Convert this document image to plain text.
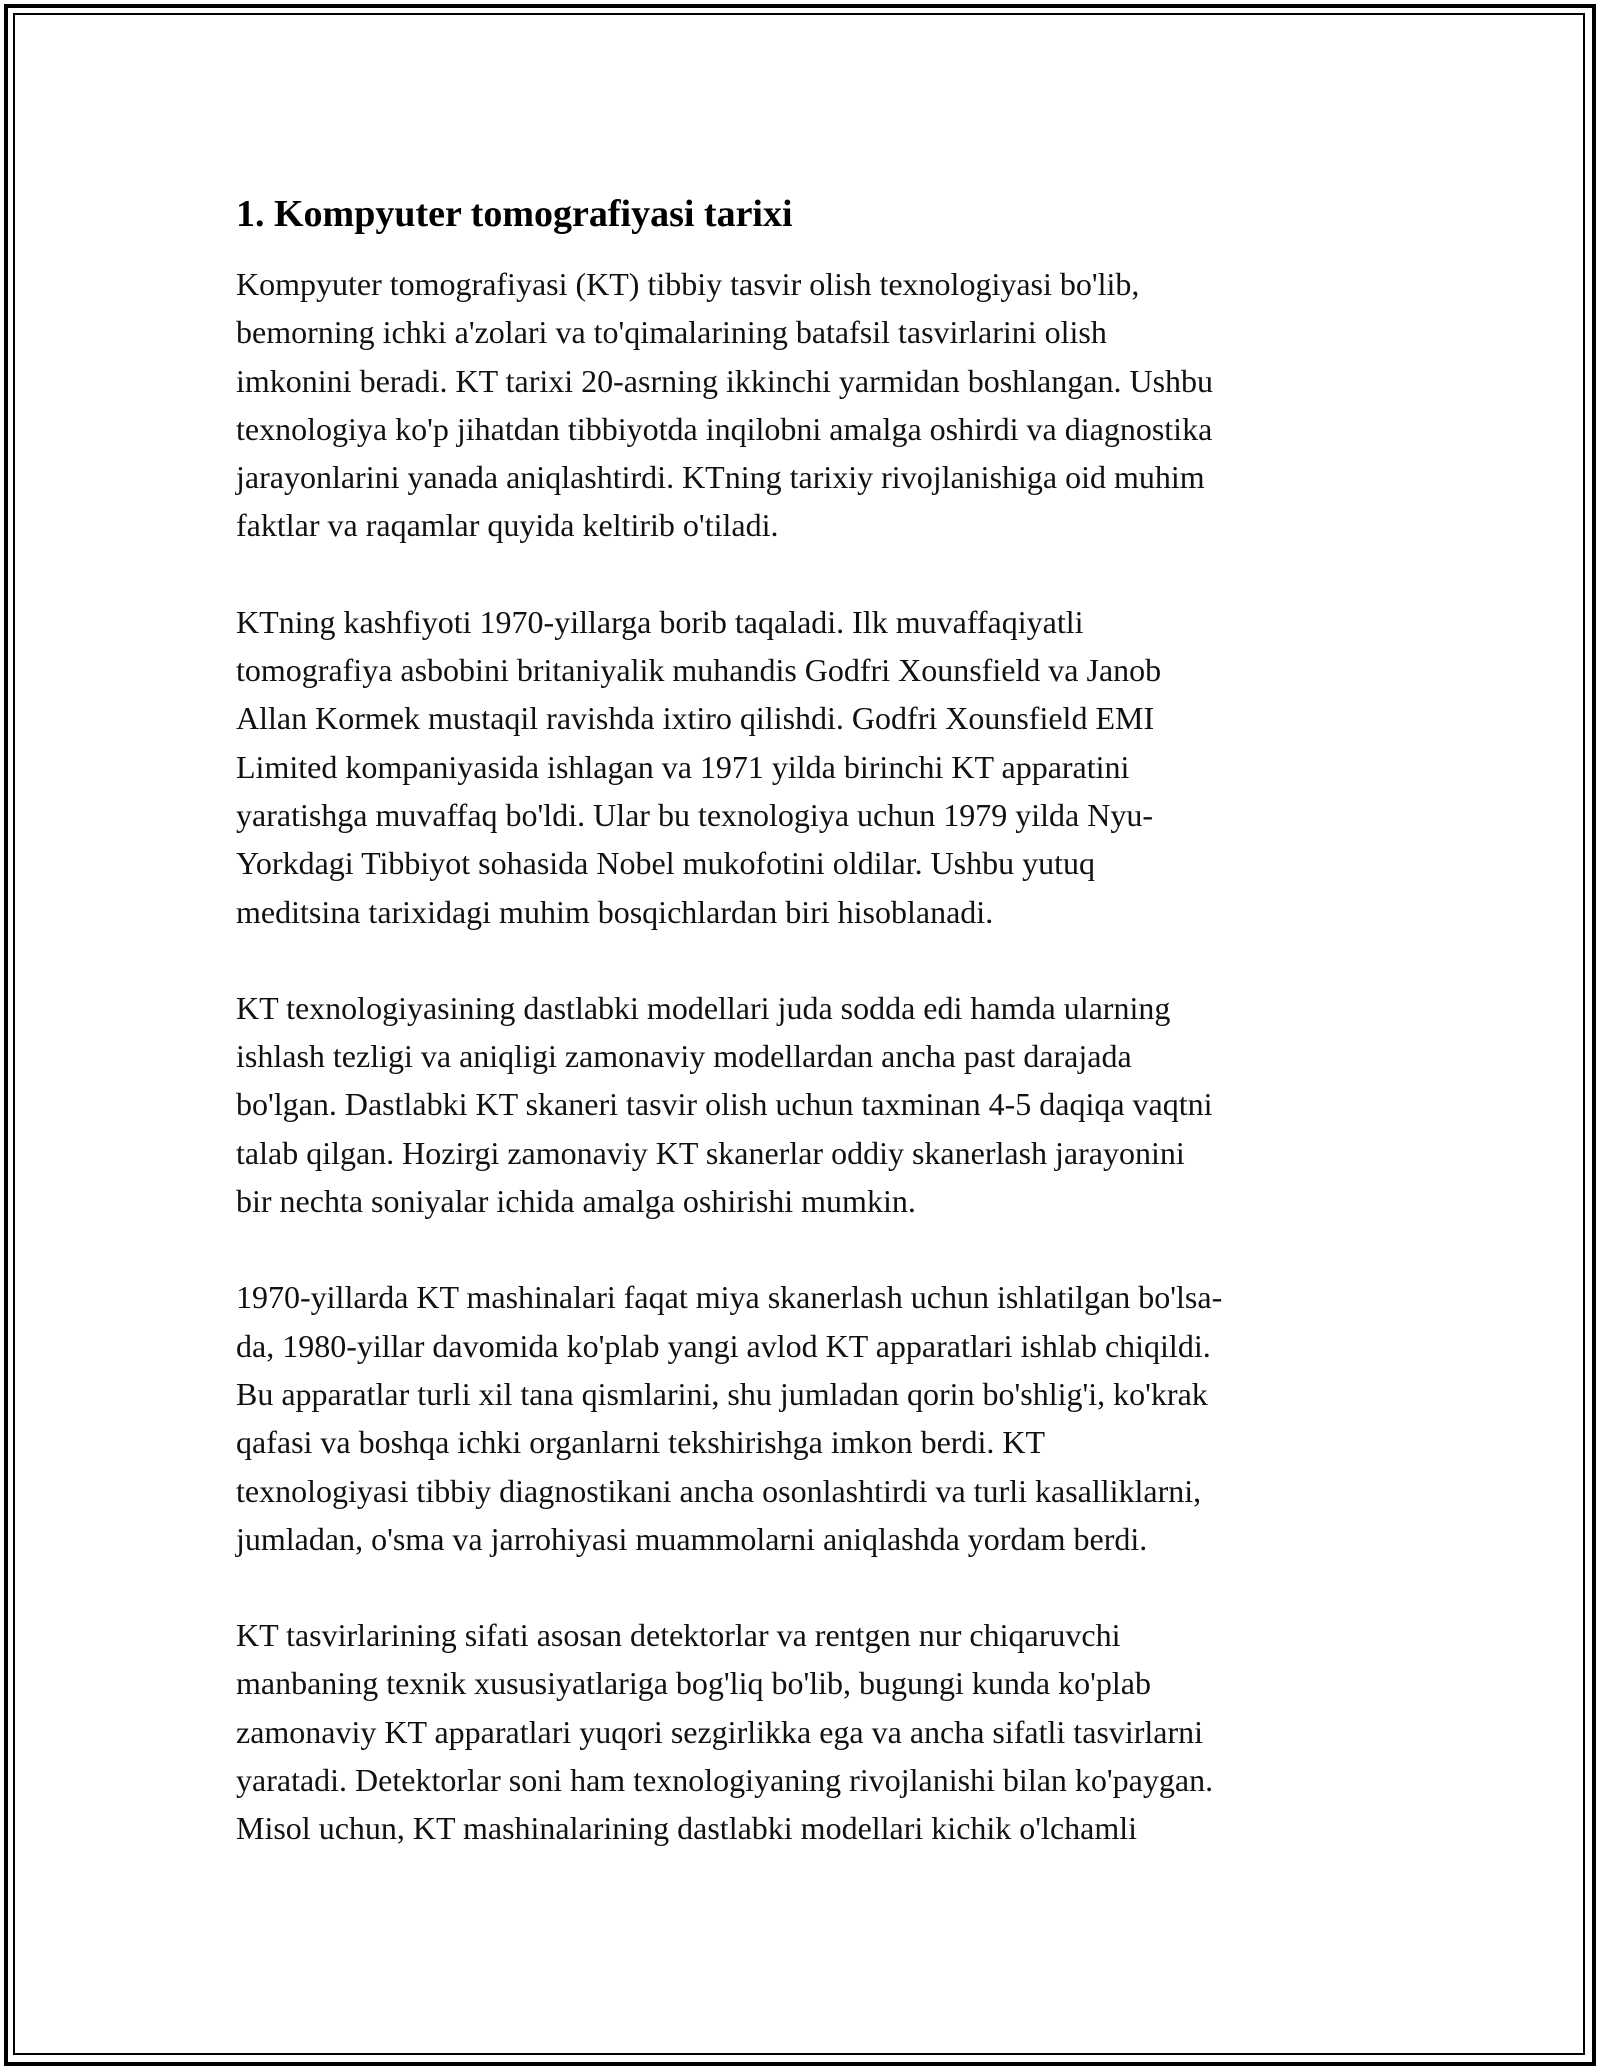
1. Kompyuter tomografiyasi tarixi

Kompyuter tomografiyasi (KT) tibbiy tasvir olish texnologiyasi bo'lib,
bemorning ichki a'zolari va to'qimalarining batafsil tasvirlarini olish
imkonini beradi. KT tarixi 20-asrning ikkinchi yarmidan boshlangan. Ushbu
texnologiya ko'p jihatdan tibbiyotda inqilobni amalga oshirdi va diagnostika
jarayonlarini yanada aniqlashtirdi. KTning tarixiy rivojlanishiga oid muhim
faktlar va raqamlar quyida keltirib o'tiladi.

KTning kashfiyoti 1970-yillarga borib taqaladi. Ilk muvaffaqiyatli
tomografiya asbobini britaniyalik muhandis Godfri Xounsfield va Janob
Allan Kormek mustaqil ravishda ixtiro qilishdi. Godfri Xounsfield EMI
Limited kompaniyasida ishlagan va 1971 yilda birinchi KT apparatini
yaratishga muvaffaq bo'ldi. Ular bu texnologiya uchun 1979 yilda Nyu-
Yorkdagi Tibbiyot sohasida Nobel mukofotini oldilar. Ushbu yutuq
meditsina tarixidagi muhim bosqichlardan biri hisoblanadi.

KT texnologiyasining dastlabki modellari juda sodda edi hamda ularning
ishlash tezligi va aniqligi zamonaviy modellardan ancha past darajada
bo'lgan. Dastlabki KT skaneri tasvir olish uchun taxminan 4-5 daqiqa vaqtni
talab qilgan. Hozirgi zamonaviy KT skanerlar oddiy skanerlash jarayonini
bir nechta soniyalar ichida amalga oshirishi mumkin.

1970-yillarda KT mashinalari faqat miya skanerlash uchun ishlatilgan bo'lsa-
da, 1980-yillar davomida ko'plab yangi avlod KT apparatlari ishlab chiqildi.
Bu apparatlar turli xil tana qismlarini, shu jumladan qorin bo'shlig'i, ko'krak
qafasi va boshqa ichki organlarni tekshirishga imkon berdi. KT
texnologiyasi tibbiy diagnostikani ancha osonlashtirdi va turli kasalliklarni,
jumladan, o'sma va jarrohiyasi muammolarni aniqlashda yordam berdi.

KT tasvirlarining sifati asosan detektorlar va rentgen nur chiqaruvchi
manbaning texnik xususiyatlariga bog'liq bo'lib, bugungi kunda ko'plab
zamonaviy KT apparatlari yuqori sezgirlikka ega va ancha sifatli tasvirlarni
yaratadi. Detektorlar soni ham texnologiyaning rivojlanishi bilan ko'paygan.
Misol uchun, KT mashinalarining dastlabki modellari kichik o'lchamli
